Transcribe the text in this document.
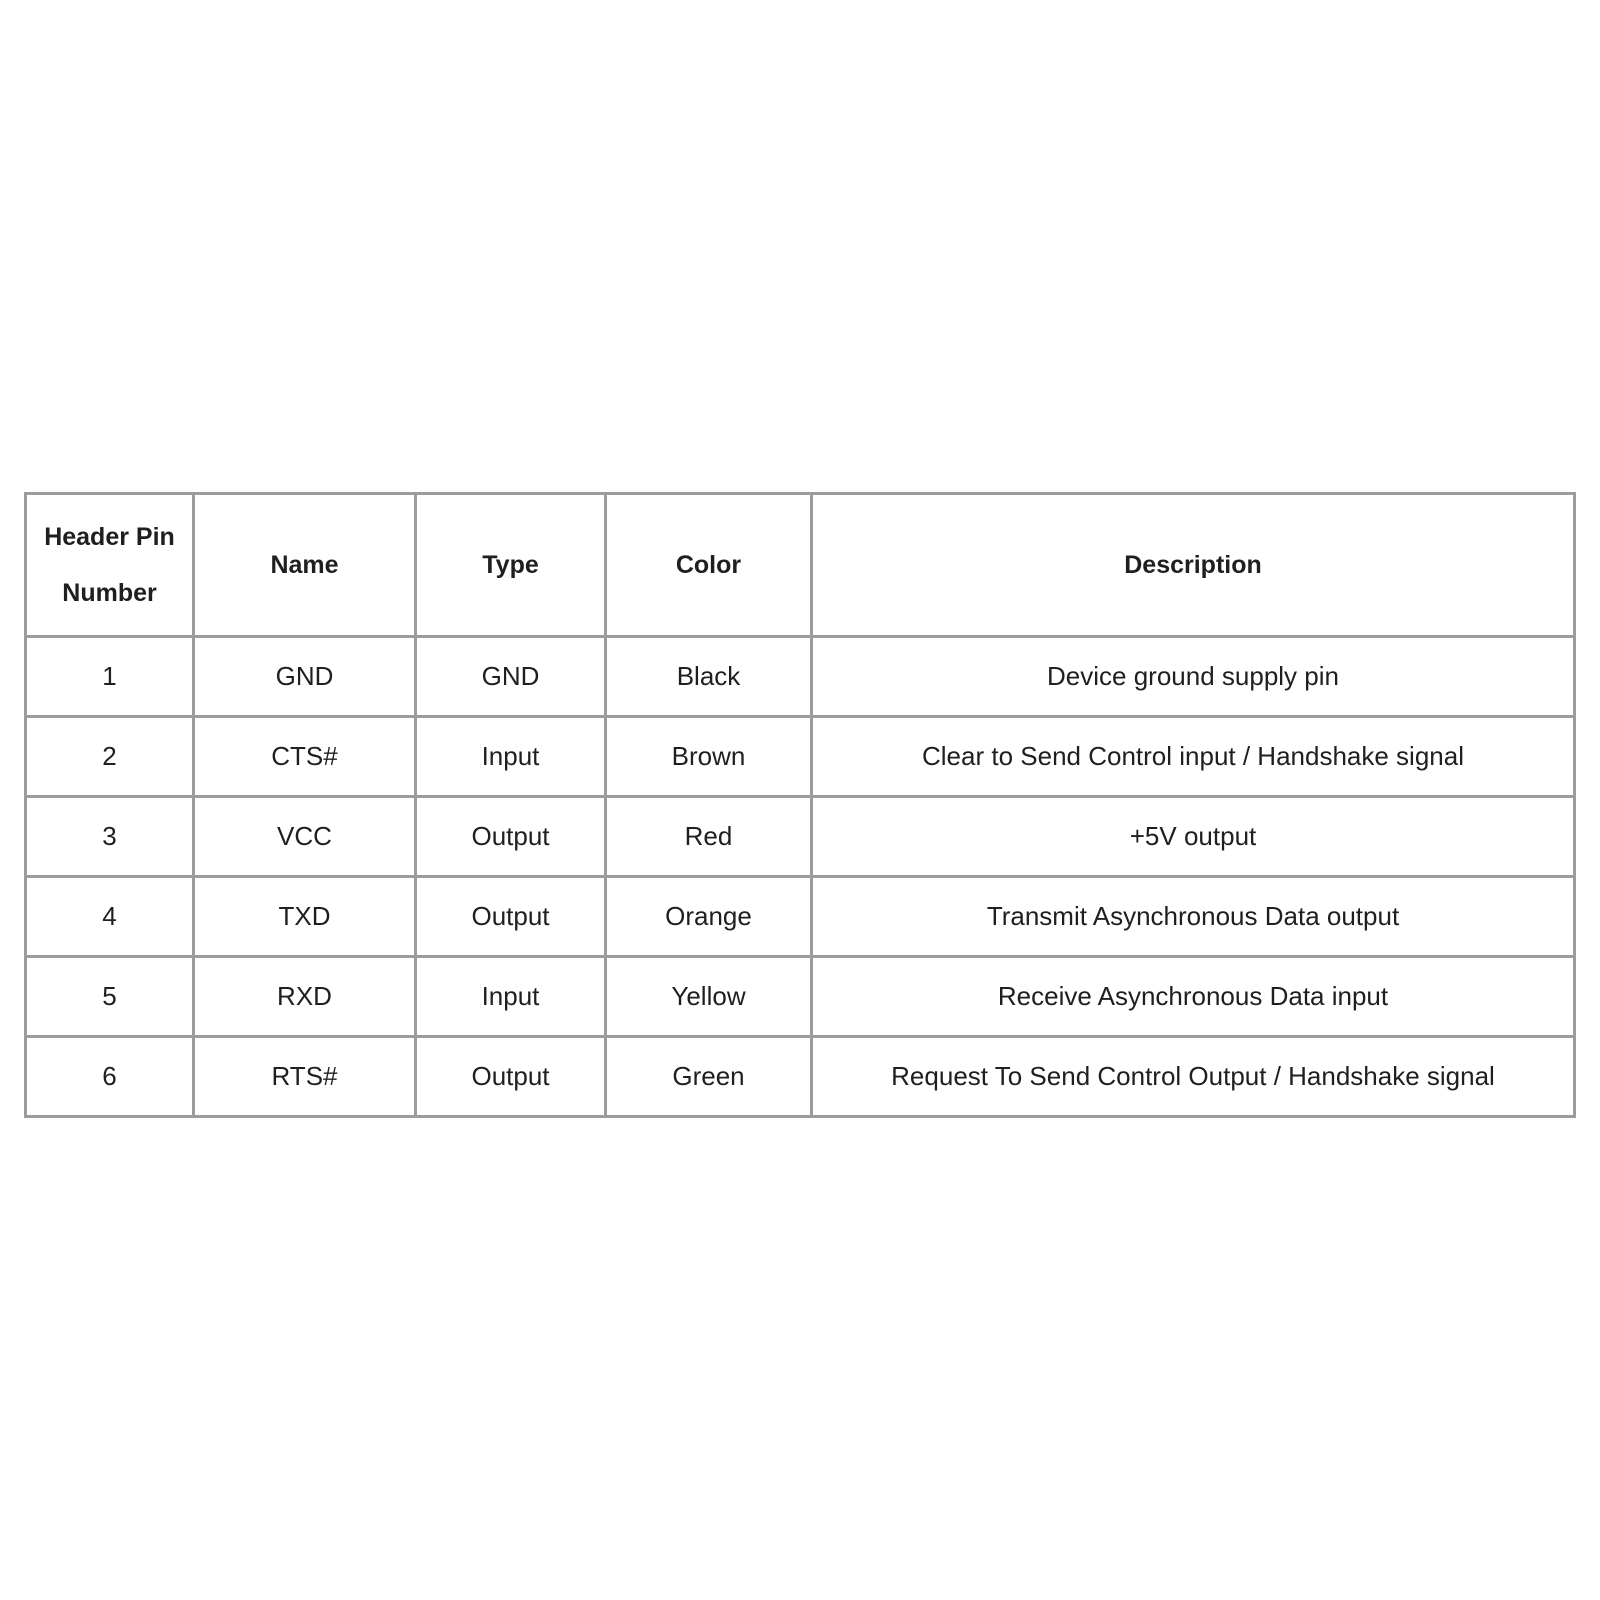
Header Pin
Number	Name	Type	Color	Description
1	GND	GND	Black	Device ground supply pin
2	CTS#	Input	Brown	Clear to Send Control input / Handshake signal
3	VCC	Output	Red	+5V output
4	TXD	Output	Orange	Transmit Asynchronous Data output
5	RXD	Input	Yellow	Receive Asynchronous Data input
6	RTS#	Output	Green	Request To Send Control Output / Handshake signal
